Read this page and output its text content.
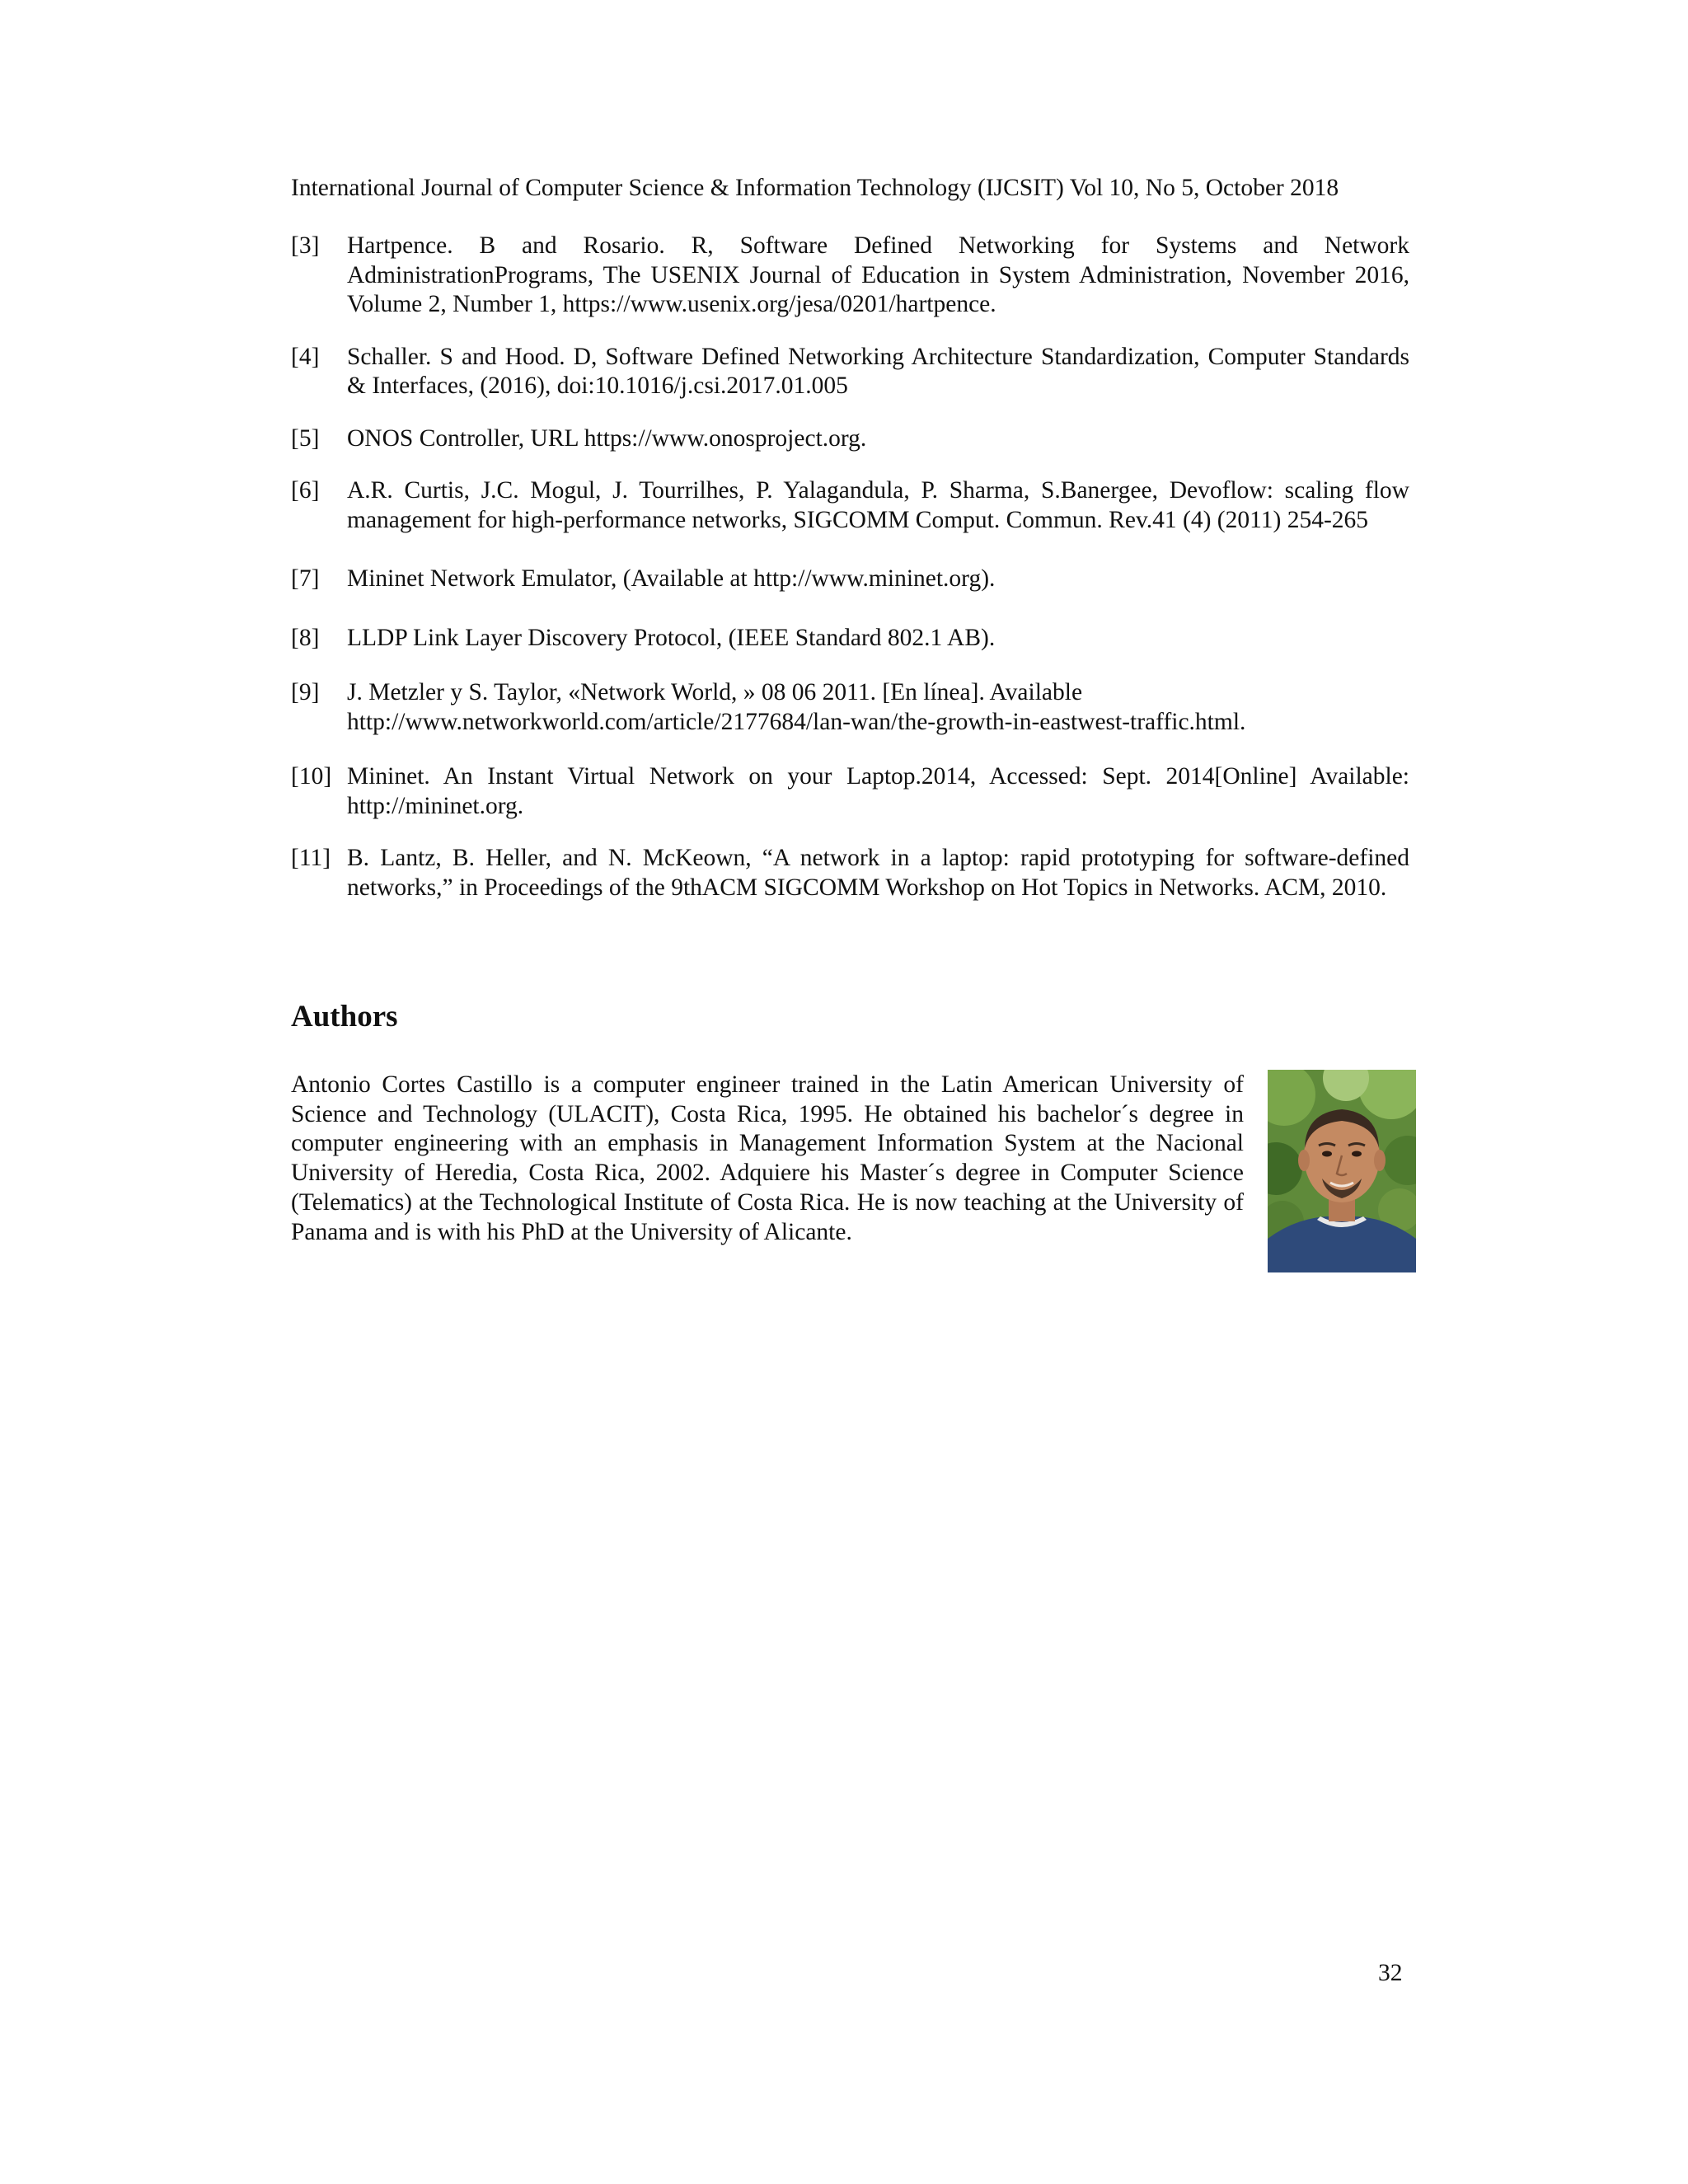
International Journal of Computer Science & Information Technology (IJCSIT) Vol 10, No 5, October 2018
[3]	Hartpence. B and Rosario. R, Software Defined Networking for Systems and Network AdministrationPrograms, The USENIX Journal of Education in System Administration, November 2016, Volume 2, Number 1, https://www.usenix.org/jesa/0201/hartpence.
[4]	Schaller. S and Hood. D, Software Defined Networking Architecture Standardization, Computer Standards & Interfaces, (2016), doi:10.1016/j.csi.2017.01.005
[5]	ONOS Controller, URL https://www.onosproject.org.
[6]	A.R. Curtis, J.C. Mogul, J. Tourrilhes, P. Yalagandula, P. Sharma, S.Banergee, Devoflow: scaling flow management for high-performance networks, SIGCOMM Comput. Commun. Rev.41 (4) (2011) 254-265
[7]	Mininet Network Emulator, (Available at http://www.mininet.org).
[8]	LLDP Link Layer Discovery Protocol, (IEEE Standard 802.1 AB).
[9]	J. Metzler y S. Taylor, «Network World, » 08 06 2011. [En línea]. Available http://www.networkworld.com/article/2177684/lan-wan/the-growth-in-eastwest-traffic.html.
[10] Mininet. An Instant Virtual Network on your Laptop.2014, Accessed: Sept. 2014[Online] Available: http://mininet.org.
[11] B. Lantz, B. Heller, and N. McKeown, “A network in a laptop: rapid prototyping for software-defined networks,” in Proceedings of the 9thACM SIGCOMM Workshop on Hot Topics in Networks. ACM, 2010.
Authors

Antonio Cortes Castillo is a computer engineer trained in the Latin American University of Science and Technology (ULACIT), Costa Rica, 1995. He obtained his bachelor´s degree in computer engineering with an emphasis in Management Information System at the Nacional University of Heredia, Costa Rica, 2002. Adquiere his Master´s degree in Computer Science (Telematics) at the Technological Institute of Costa Rica. He is now teaching at the University of Panama and is with his PhD at the University of Alicante.

32
